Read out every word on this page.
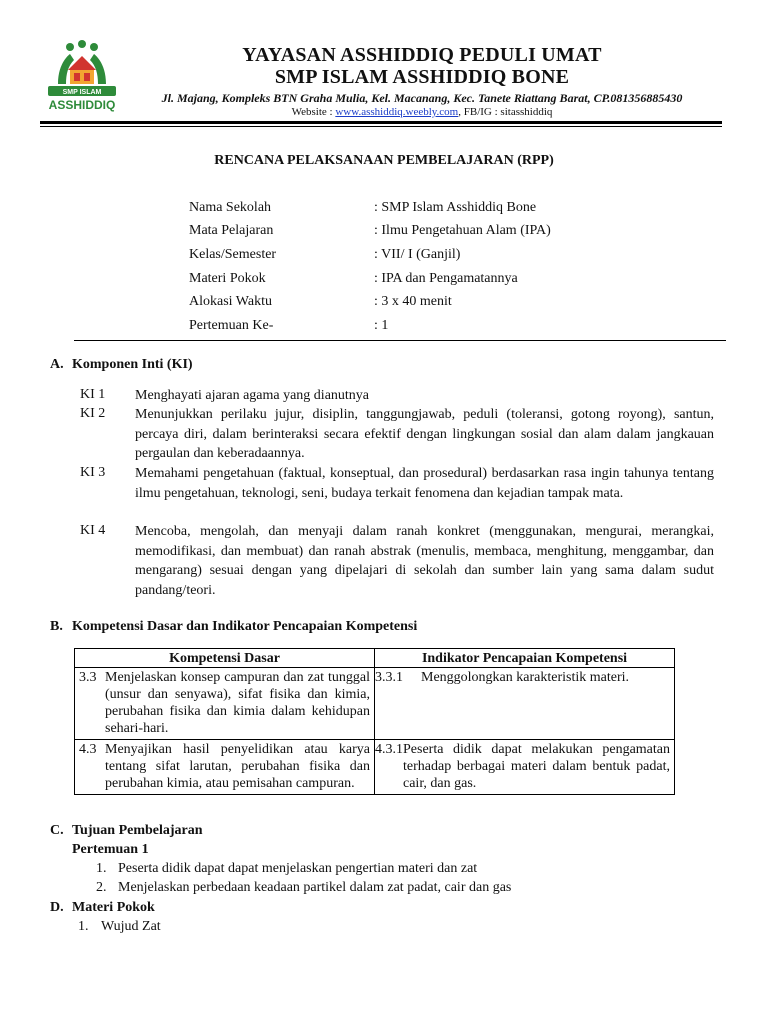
SMP ISLAM
ASSHIDDIQ
YAYASAN ASSHIDDIQ PEDULI UMAT
SMP ISLAM ASSHIDDIQ BONE
Jl. Majang, Kompleks BTN Graha Mulia, Kel. Macanang, Kec. Tanete Riattang Barat, CP.081356885430
Website : www.asshiddiq.weebly.com, FB/IG : sitasshiddiq
RENCANA PELAKSANAAN PEMBELAJARAN (RPP)
Nama Sekolah	: SMP Islam Asshiddiq Bone
Mata Pelajaran	: Ilmu Pengetahuan Alam (IPA)
Kelas/Semester	: VII/ I (Ganjil)
Materi Pokok	: IPA dan Pengamatannya
Alokasi Waktu	: 3 x 40 menit
Pertemuan Ke-	: 1
A. Komponen Inti (KI)
KI 1 Menghayati ajaran agama yang dianutnya
KI 2 Menunjukkan perilaku jujur, disiplin, tanggungjawab, peduli (toleransi, gotong royong), santun, percaya diri, dalam berinteraksi secara efektif dengan lingkungan sosial dan alam dalam jangkauan pergaulan dan keberadaannya.
KI 3 Memahami pengetahuan (faktual, konseptual, dan prosedural) berdasarkan rasa ingin tahunya tentang ilmu pengetahuan, teknologi, seni, budaya terkait fenomena dan kejadian tampak mata.
KI 4 Mencoba, mengolah, dan menyaji dalam ranah konkret (menggunakan, mengurai, merangkai, memodifikasi, dan membuat) dan ranah abstrak (menulis, membaca, menghitung, menggambar, dan mengarang) sesuai dengan yang dipelajari di sekolah dan sumber lain yang sama dalam sudut pandang/teori.
B. Kompetensi Dasar dan Indikator Pencapaian Kompetensi
Kompetensi Dasar	Indikator Pencapaian Kompetensi

3.3 Menjelaskan konsep campuran dan zat tunggal (unsur dan senyawa), sifat fisika dan kimia, perubahan fisika dan kimia dalam kehidupan sehari-hari.	3.3.1 Menggolongkan karakteristik materi.

4.3 Menyajikan hasil penyelidikan atau karya tentang sifat larutan, perubahan fisika dan perubahan kimia, atau pemisahan campuran.	4.3.1 Peserta didik dapat melakukan pengamatan terhadap berbagai materi dalam bentuk padat, cair, dan gas.
C. Tujuan Pembelajaran
Pertemuan 1
1. Peserta didik dapat dapat menjelaskan pengertian materi dan zat
2. Menjelaskan perbedaan keadaan partikel dalam zat padat, cair dan gas
D. Materi Pokok
1. Wujud Zat
